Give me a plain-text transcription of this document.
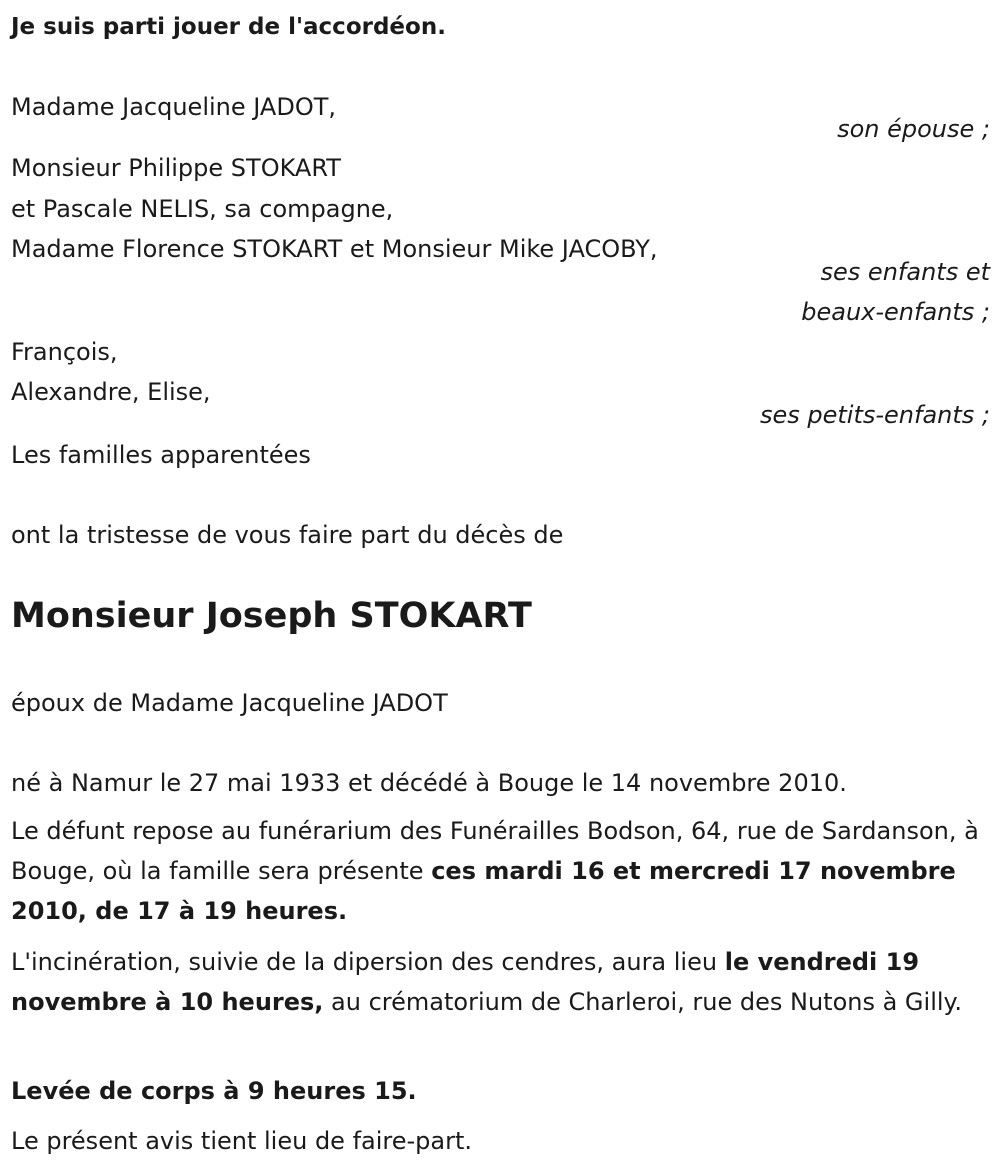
Je suis parti jouer de l'accordéon.

Madame Jacqueline JADOT,

son épouse ;

Monsieur Philippe STOKART

et Pascale NELIS, sa compagne,

Madame Florence STOKART et Monsieur Mike JACOBY,

ses enfants et

beaux-enfants ;

François,

Alexandre, Elise,

ses petits-enfants ;

Les familles apparentées

ont la tristesse de vous faire part du décès de

Monsieur Joseph STOKART

époux de Madame Jacqueline JADOT

né à Namur le 27 mai 1933 et décédé à Bouge le 14 novembre 2010.

Le défunt repose au funérarium des Funérailles Bodson, 64, rue de Sardanson, à Bouge, où la famille sera présente ces mardi 16 et mercredi 17 novembre 2010, de 17 à 19 heures.

L'incinération, suivie de la dipersion des cendres, aura lieu le vendredi 19 novembre à 10 heures, au crématorium de Charleroi, rue des Nutons à Gilly.

Levée de corps à 9 heures 15.

Le présent avis tient lieu de faire-part.
